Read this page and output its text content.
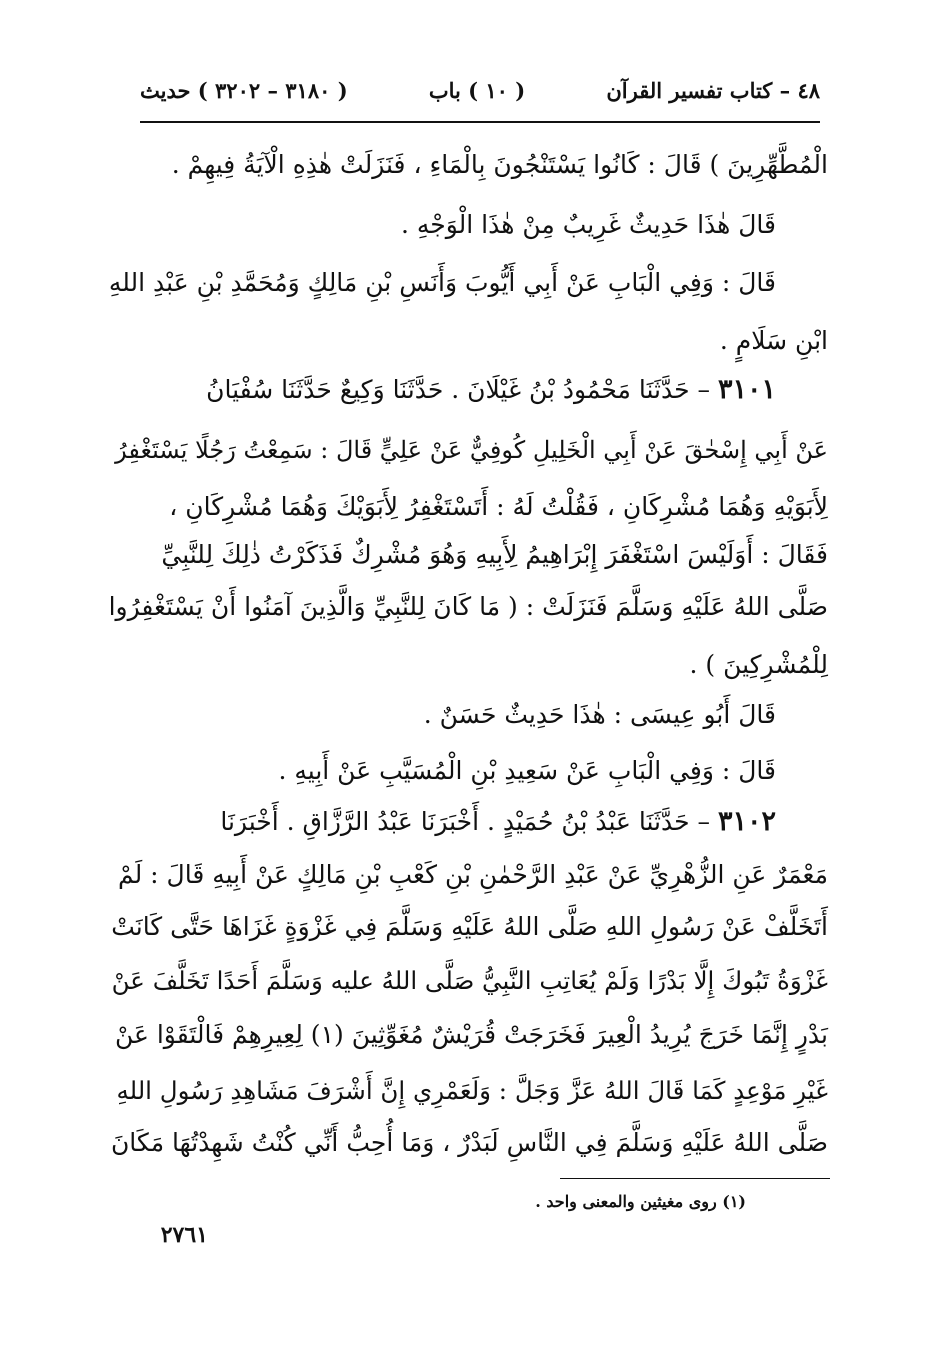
٤٨ – كتاب تفسير القرآن
( ١٠ ) باب
( ٣١٨٠ – ٣٢٠٢ ) حديث
الْمُطَّهِّرِينَ ) قَالَ : كَانُوا يَسْتَنْجُونَ بِالْمَاءِ ، فَنَزَلَتْ هٰذِهِ الْآيَةُ فِيهِمْ .
قَالَ هٰذَا حَدِيثٌ غَرِيبٌ مِنْ هٰذَا الْوَجْهِ .
قَالَ : وَفِي الْبَابِ عَنْ أَبِي أَيُّوبَ وَأَنَسِ بْنِ مَالِكٍ وَمُحَمَّدِ بْنِ عَبْدِ اللهِ
ابْنِ سَلَامٍ .
٣١٠١ – حَدَّثَنَا مَحْمُودُ بْنُ غَيْلَانَ . حَدَّثَنَا وَكِيعٌ حَدَّثَنَا سُفْيَانُ
عَنْ أَبِي إِسْحٰقَ عَنْ أَبِي الْخَلِيلِ كُوفِيٌّ عَنْ عَلِيٍّ قَالَ : سَمِعْتُ رَجُلًا يَسْتَغْفِرُ
لِأَبَوَيْهِ وَهُمَا مُشْرِكَانِ ، فَقُلْتُ لَهُ : أَتَسْتَغْفِرُ لِأَبَوَيْكَ وَهُمَا مُشْرِكَانِ ،
فَقَالَ : أَوَلَيْسَ اسْتَغْفَرَ إِبْرَاهِيمُ لِأَبِيهِ وَهُوَ مُشْرِكٌ فَذَكَرْتُ ذٰلِكَ لِلنَّبِيِّ
صَلَّى اللهُ عَلَيْهِ وَسَلَّمَ فَنَزَلَتْ : ( مَا كَانَ لِلنَّبِيِّ وَالَّذِينَ آمَنُوا أَنْ يَسْتَغْفِرُوا
لِلْمُشْرِكِينَ ) .
قَالَ أَبُو عِيسَى : هٰذَا حَدِيثٌ حَسَنٌ .
قَالَ : وَفِي الْبَابِ عَنْ سَعِيدِ بْنِ الْمُسَيَّبِ عَنْ أَبِيهِ .
٣١٠٢ – حَدَّثَنَا عَبْدُ بْنُ حُمَيْدٍ . أَخْبَرَنَا عَبْدُ الرَّزَّاقِ . أَخْبَرَنَا
مَعْمَرٌ عَنِ الزُّهْرِيِّ عَنْ عَبْدِ الرَّحْمٰنِ بْنِ كَعْبِ بْنِ مَالِكٍ عَنْ أَبِيهِ قَالَ : لَمْ
أَتَخَلَّفْ عَنْ رَسُولِ اللهِ صَلَّى اللهُ عَلَيْهِ وَسَلَّمَ فِي غَزْوَةٍ غَزَاهَا حَتَّى كَانَتْ
غَزْوَةُ تَبُوكَ إِلَّا بَدْرًا وَلَمْ يُعَاتِبِ النَّبِيُّ صَلَّى اللهُ عليه وَسَلَّمَ أَحَدًا تَخَلَّفَ عَنْ
بَدْرٍ إِنَّمَا خَرَجَ يُرِيدُ الْعِيرَ فَخَرَجَتْ قُرَيْشٌ مُغَوِّثِينَ (١) لِعِيرِهِمْ فَالْتَقَوْا عَنْ
غَيْرِ مَوْعِدٍ كَمَا قَالَ اللهُ عَزَّ وَجَلَّ : وَلَعَمْرِي إِنَّ أَشْرَفَ مَشَاهِدِ رَسُولِ اللهِ
صَلَّى اللهُ عَلَيْهِ وَسَلَّمَ فِي النَّاسِ لَبَدْرٌ ، وَمَا أُحِبُّ أَنِّي كُنْتُ شَهِدْتُهَا مَكَانَ
(١) روى مغيثين والمعنى واحد .
٢٧٦١
